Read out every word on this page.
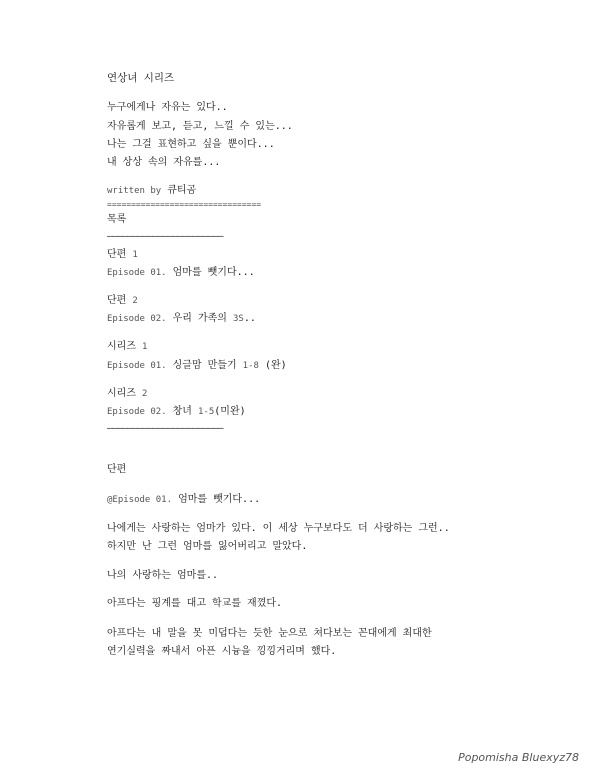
연상녀 시리즈
누구에게나 자유는 있다..
자유롭게 보고, 듣고, 느낄 수 있는...
나는 그걸 표현하고 싶을 뿐이다...
내 상상 속의 자유를...
written by 큐티곰
================================
목록
———————————————————————
단편 1
Episode 01. 엄마를 뺏기다...
단편 2
Episode 02. 우리 가족의 3S..
시리즈 1
Episode 01. 싱글맘 만들기 1-8 (완)
시리즈 2
Episode 02. 창녀 1-5(미완)
———————————————————————
단편
@Episode 01. 엄마를 뺏기다...
나에게는 사랑하는 엄마가 있다. 이 세상 누구보다도 더 사랑하는 그런..
하지만 난 그런 엄마를 잃어버리고 말았다.
나의 사랑하는 엄마를..
아프다는 핑계를 대고 학교를 재꼈다.
아프다는 내 말을 못 미덥다는 듯한 눈으로 쳐다보는 꼰대에게 최대한
연기실력을 짜내서 아픈 시늉을 낑낑거리며 했다.
Popomisha Bluexyz78
